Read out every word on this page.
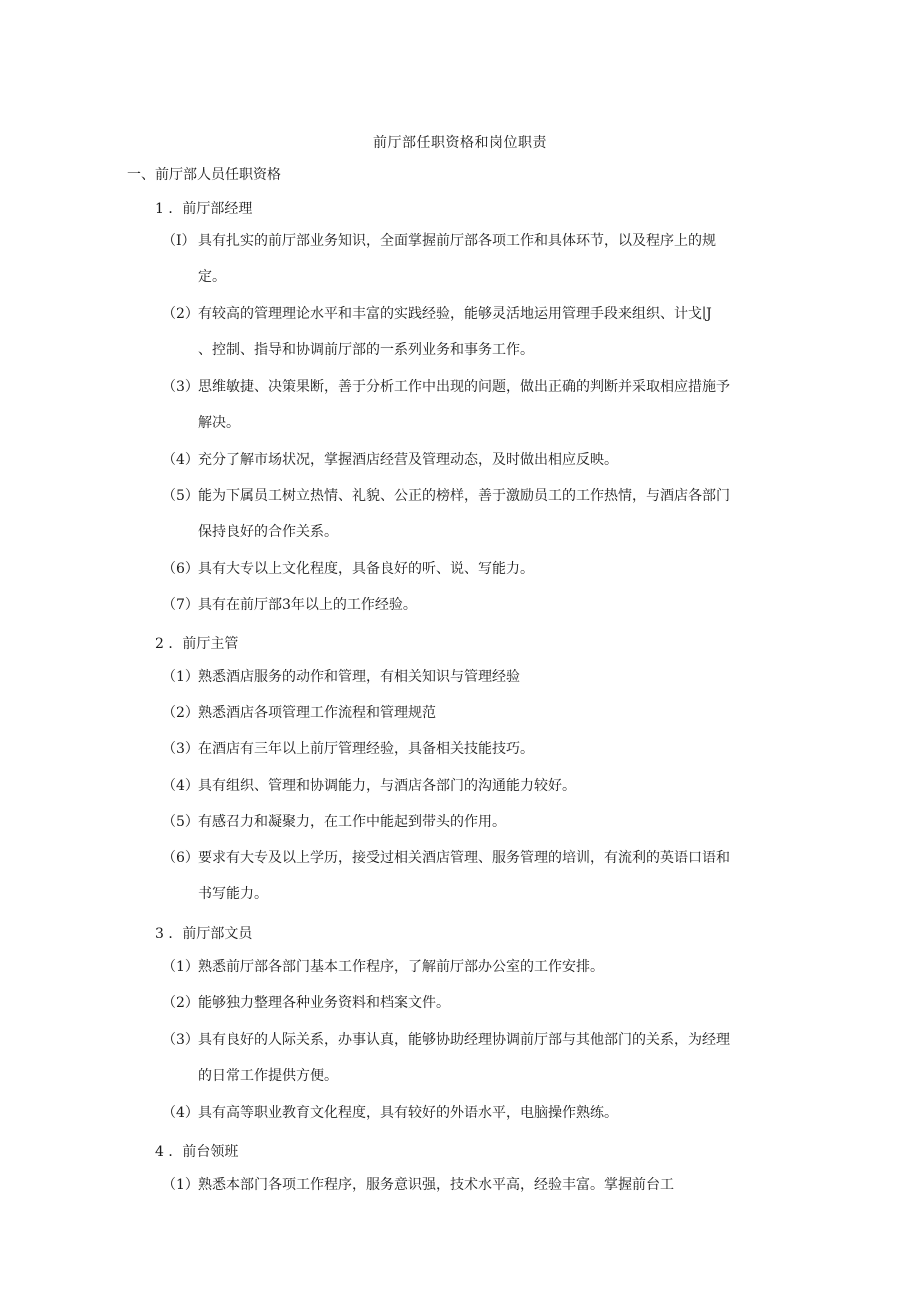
前厅部任职资格和岗位职责
一、前厅部人员任职资格
1 ．前厅部经理
（I） 具有扎实的前厅部业务知识，全面掌握前厅部各项工作和具体环节，以及程序上的规
定。
（2）有较高的管理理论水平和丰富的实践经验，能够灵活地运用管理手段来组织、计戈∣J
、控制、指导和协调前厅部的一系列业务和事务工作。
（3）思维敏捷、决策果断，善于分析工作中出现的问题，做出正确的判断并采取相应措施予
解决。
（4）充分了解市场状况，掌握酒店经营及管理动态，及时做出相应反映。
（5）能为下属员工树立热情、礼貌、公正的榜样，善于激励员工的工作热情，与酒店各部门
保持良好的合作关系。
（6）具有大专以上文化程度，具备良好的听、说、写能力。
（7）具有在前厅部3年以上的工作经验。
2 ．前厅主管
（1）熟悉酒店服务的动作和管理，有相关知识与管理经验
（2）熟悉酒店各项管理工作流程和管理规范
（3）在酒店有三年以上前厅管理经验，具备相关技能技巧。
（4）具有组织、管理和协调能力，与酒店各部门的沟通能力较好。
（5）有感召力和凝聚力，在工作中能起到带头的作用。
（6）要求有大专及以上学历，接受过相关酒店管理、服务管理的培训，有流利的英语口语和
书写能力。
3 ．前厅部文员
（1）熟悉前厅部各部门基本工作程序，了解前厅部办公室的工作安排。
（2）能够独力整理各种业务资料和档案文件。
（3）具有良好的人际关系，办事认真，能够协助经理协调前厅部与其他部门的关系，为经理
的日常工作提供方便。
（4）具有高等职业教育文化程度，具有较好的外语水平，电脑操作熟练。
4 ．前台领班
（1）熟悉本部门各项工作程序，服务意识强，技术水平高，经验丰富。掌握前台工
